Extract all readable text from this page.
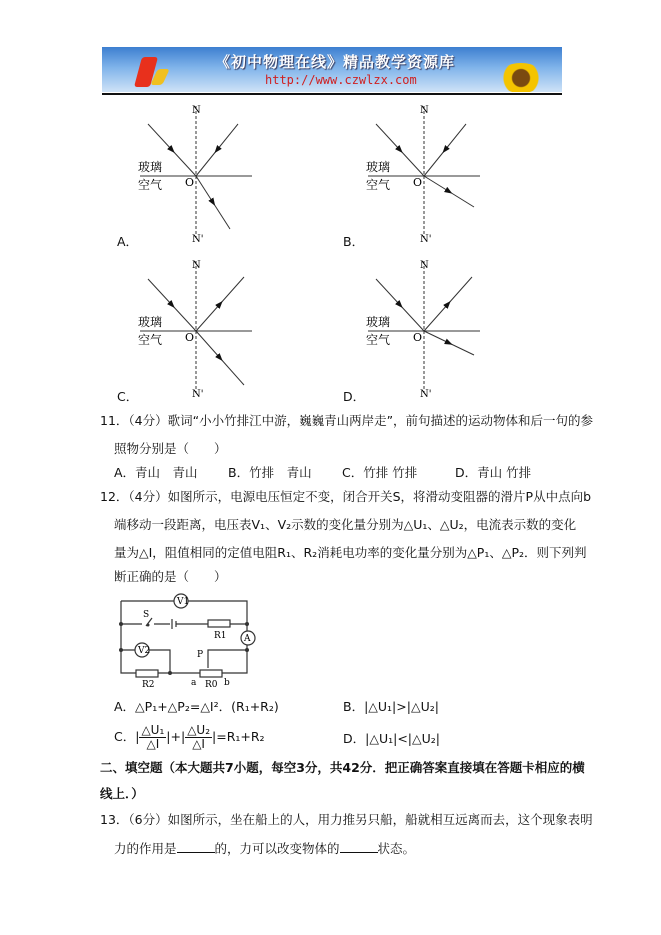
《初中物理在线》精品教学资源库
http://www.czwlzx.com
N
N'
O
玻璃
空气
N
N'
O
玻璃
空气
N
N'
O
玻璃
空气
N
N'
O
玻璃
空气
A．	B．
C．	D．
11．（4分）歌词“小小竹排江中游，巍巍青山两岸走”，前句描述的运动物体和后一句的参
照物分别是（　　）
A．青山　青山 B．竹排　青山 C．竹排 竹排	D．青山 竹排
12．（4分）如图所示，电源电压恒定不变，闭合开关S，将滑动变阻器的滑片P从中点向b
端移动一段距离，电压表V₁、V₂示数的变化量分别为△U₁、△U₂，电流表示数的变化
量为△I，阻值相同的定值电阻R₁、R₂消耗电功率的变化量分别为△P₁、△P₂．则下列判
断正确的是（　　）
V1
V2
A
S
R1
R2	R0
P
a	b
A．△P₁+△P₂=△I²．(R₁+R₂)	B．|△U₁|>|△U₂|
C．| $\frac{\text{△U₁}}{\triangle I}$ |+| $\frac{\text{△U₂}}{\triangle I} |=R_1+R_2$	D．|△U₁|<|△U₂|
二、填空题（本大题共7小题，每空3分，共42分．把正确答案直接填在答题卡相应的横
线上．）
13．（6分）如图所示，坐在船上的人，用力推另只船，船就相互远离而去，这个现象表明
力的作用是	的，力可以改变物体的	状态。
